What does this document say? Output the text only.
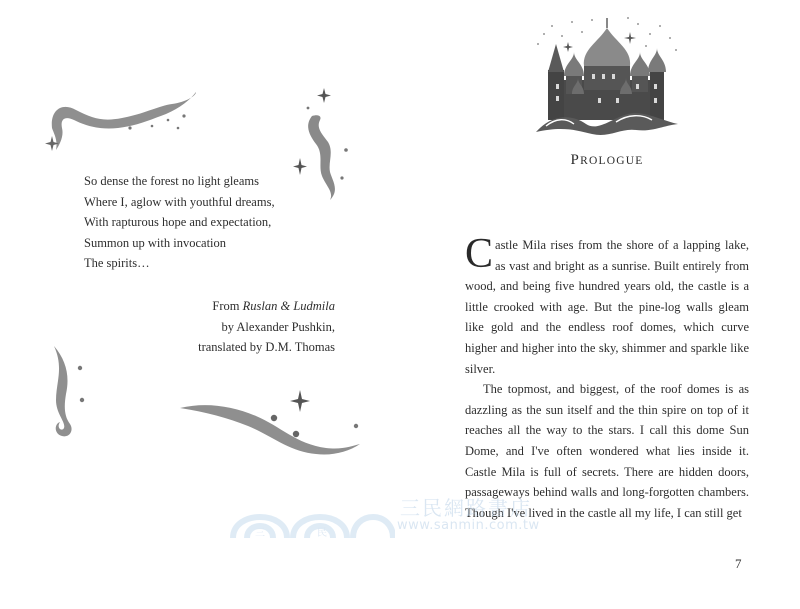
So dense the forest no light gleams
Where I, aglow with youthful dreams,
With rapturous hope and expectation,
Summon up with invocation
The spirits…
From Ruslan & Ludmila
by Alexander Pushkin,
translated by D.M. Thomas
PROLOGUE

Castle Mila rises from the shore of a lapping lake, as vast and bright as a sunrise. Built entirely from wood, and being five hundred years old, the castle is a little crooked with age. But the pine-log walls gleam like gold and the endless roof domes, which curve higher and higher into the sky, shimmer and sparkle like silver.

The topmost, and biggest, of the roof domes is as dazzling as the sun itself and the thin spire on top of it reaches all the way to the stars. I call this dome Sun Dome, and I've often wondered what lies inside it. Castle Mila is full of secrets. There are hidden doors, passageways behind walls and long-forgotten chambers. Though I've lived in the castle all my life, I can still get

7
三	民
三民網路書店
www.sanmin.com.tw
